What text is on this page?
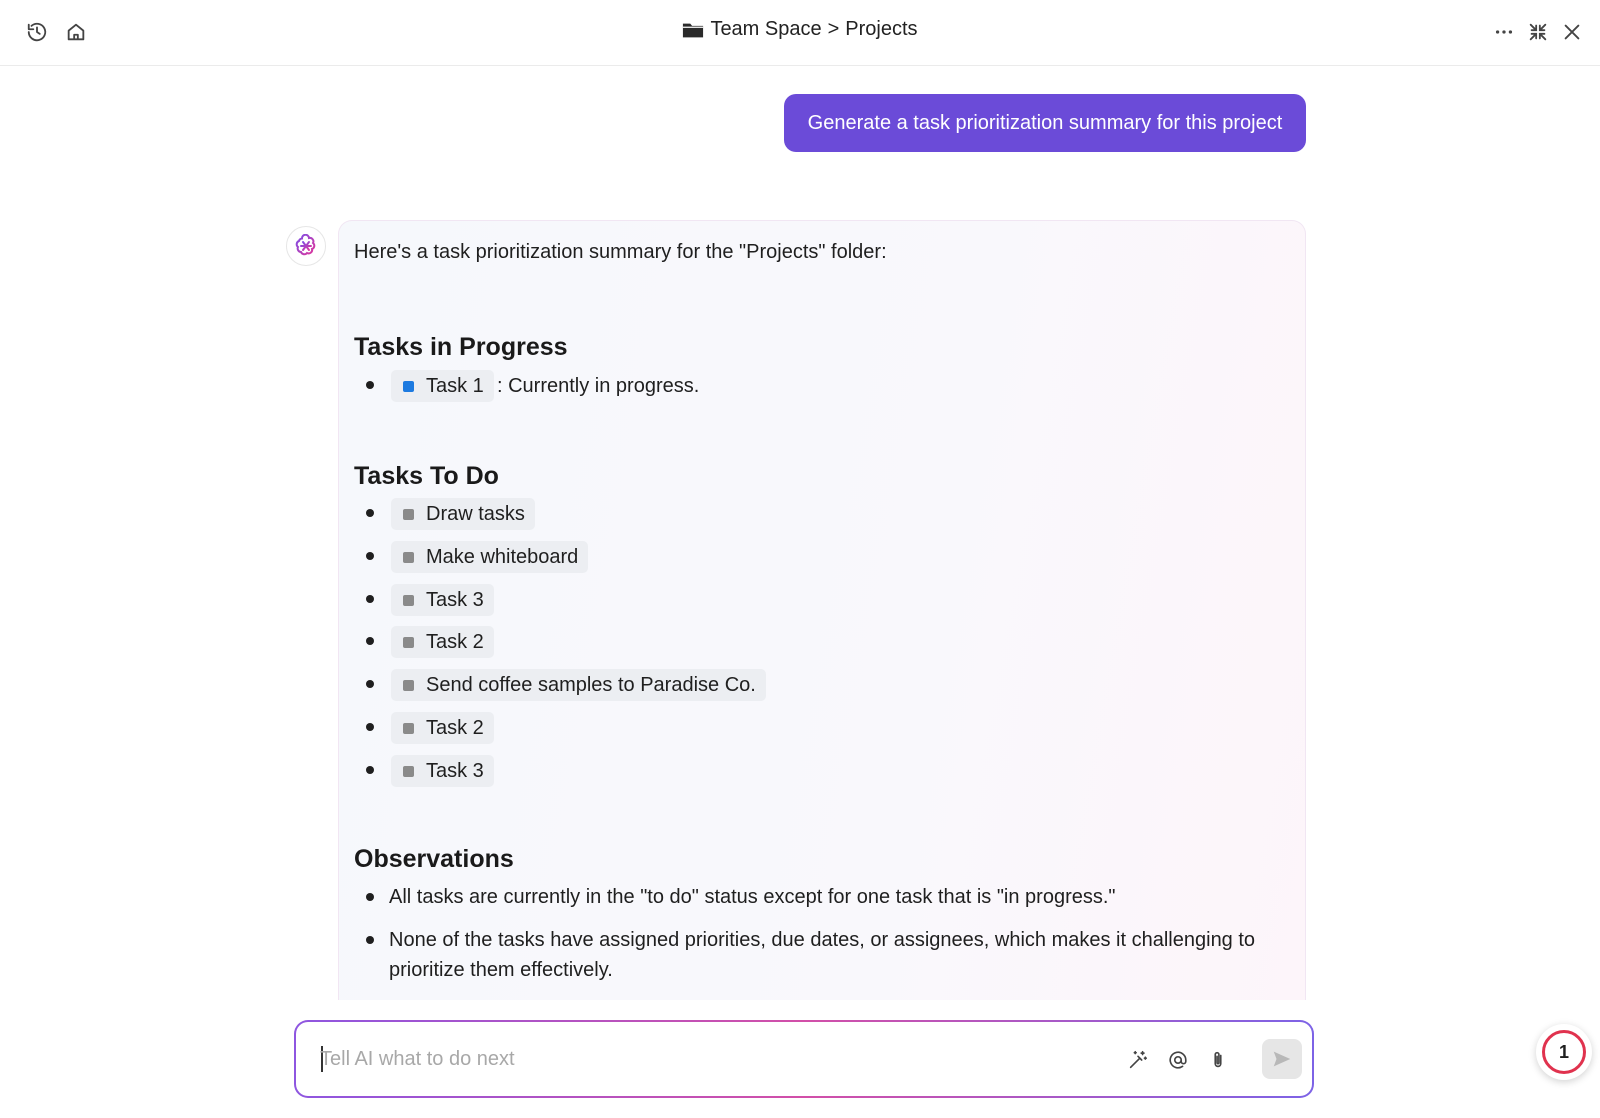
Team Space > Projects
Generate a task prioritization summary for this project
Here's a task prioritization summary for the "Projects" folder:
Tasks in Progress
Task 1 : Currently in progress.
Tasks To Do
Draw tasks
Make whiteboard
Task 3
Task 2
Send coffee samples to Paradise Co.
Task 2
Task 3
Observations
All tasks are currently in the "to do" status except for one task that is "in progress."
None of the tasks have assigned priorities, due dates, or assignees, which makes it challenging to prioritize them effectively.
Tell AI what to do next
1
